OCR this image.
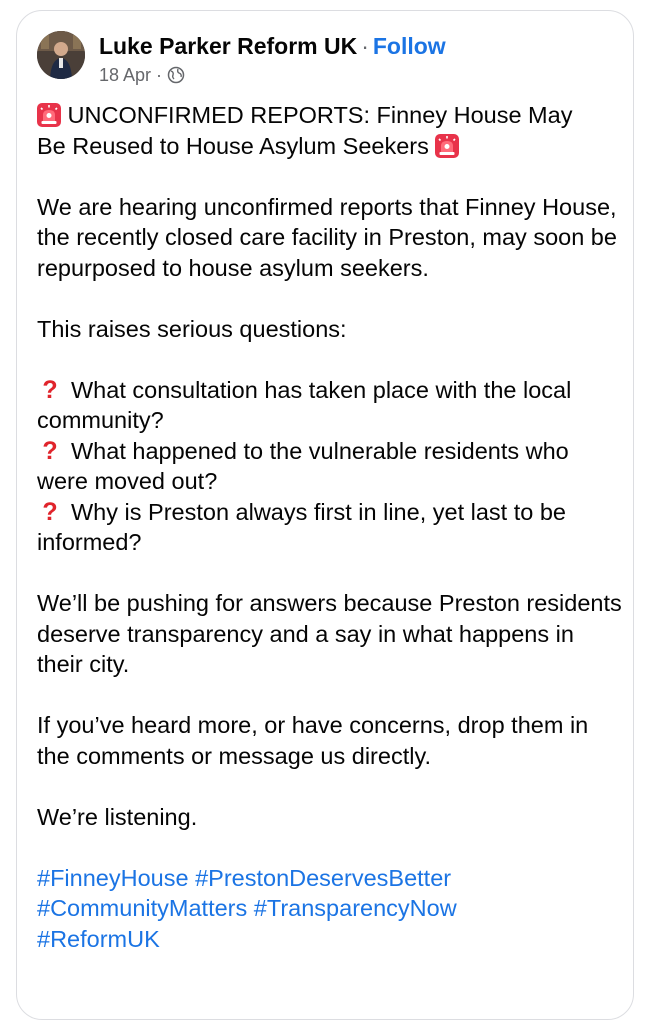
Luke Parker Reform UK · Follow
18 Apr ·

UNCONFIRMED REPORTS: Finney House May
Be Reused to House Asylum Seekers

We are hearing unconfirmed reports that Finney House, the recently closed care facility in Preston, may soon be repurposed to house asylum seekers.

This raises serious questions:

? What consultation has taken place with the local community?
? What happened to the vulnerable residents who were moved out?
? Why is Preston always first in line, yet last to be informed?

We’ll be pushing for answers because Preston residents deserve transparency and a say in what happens in their city.

If you’ve heard more, or have concerns, drop them in the comments or message us directly.

We’re listening.

#FinneyHouse #PrestonDeservesBetter
#CommunityMatters #TransparencyNow
#ReformUK
